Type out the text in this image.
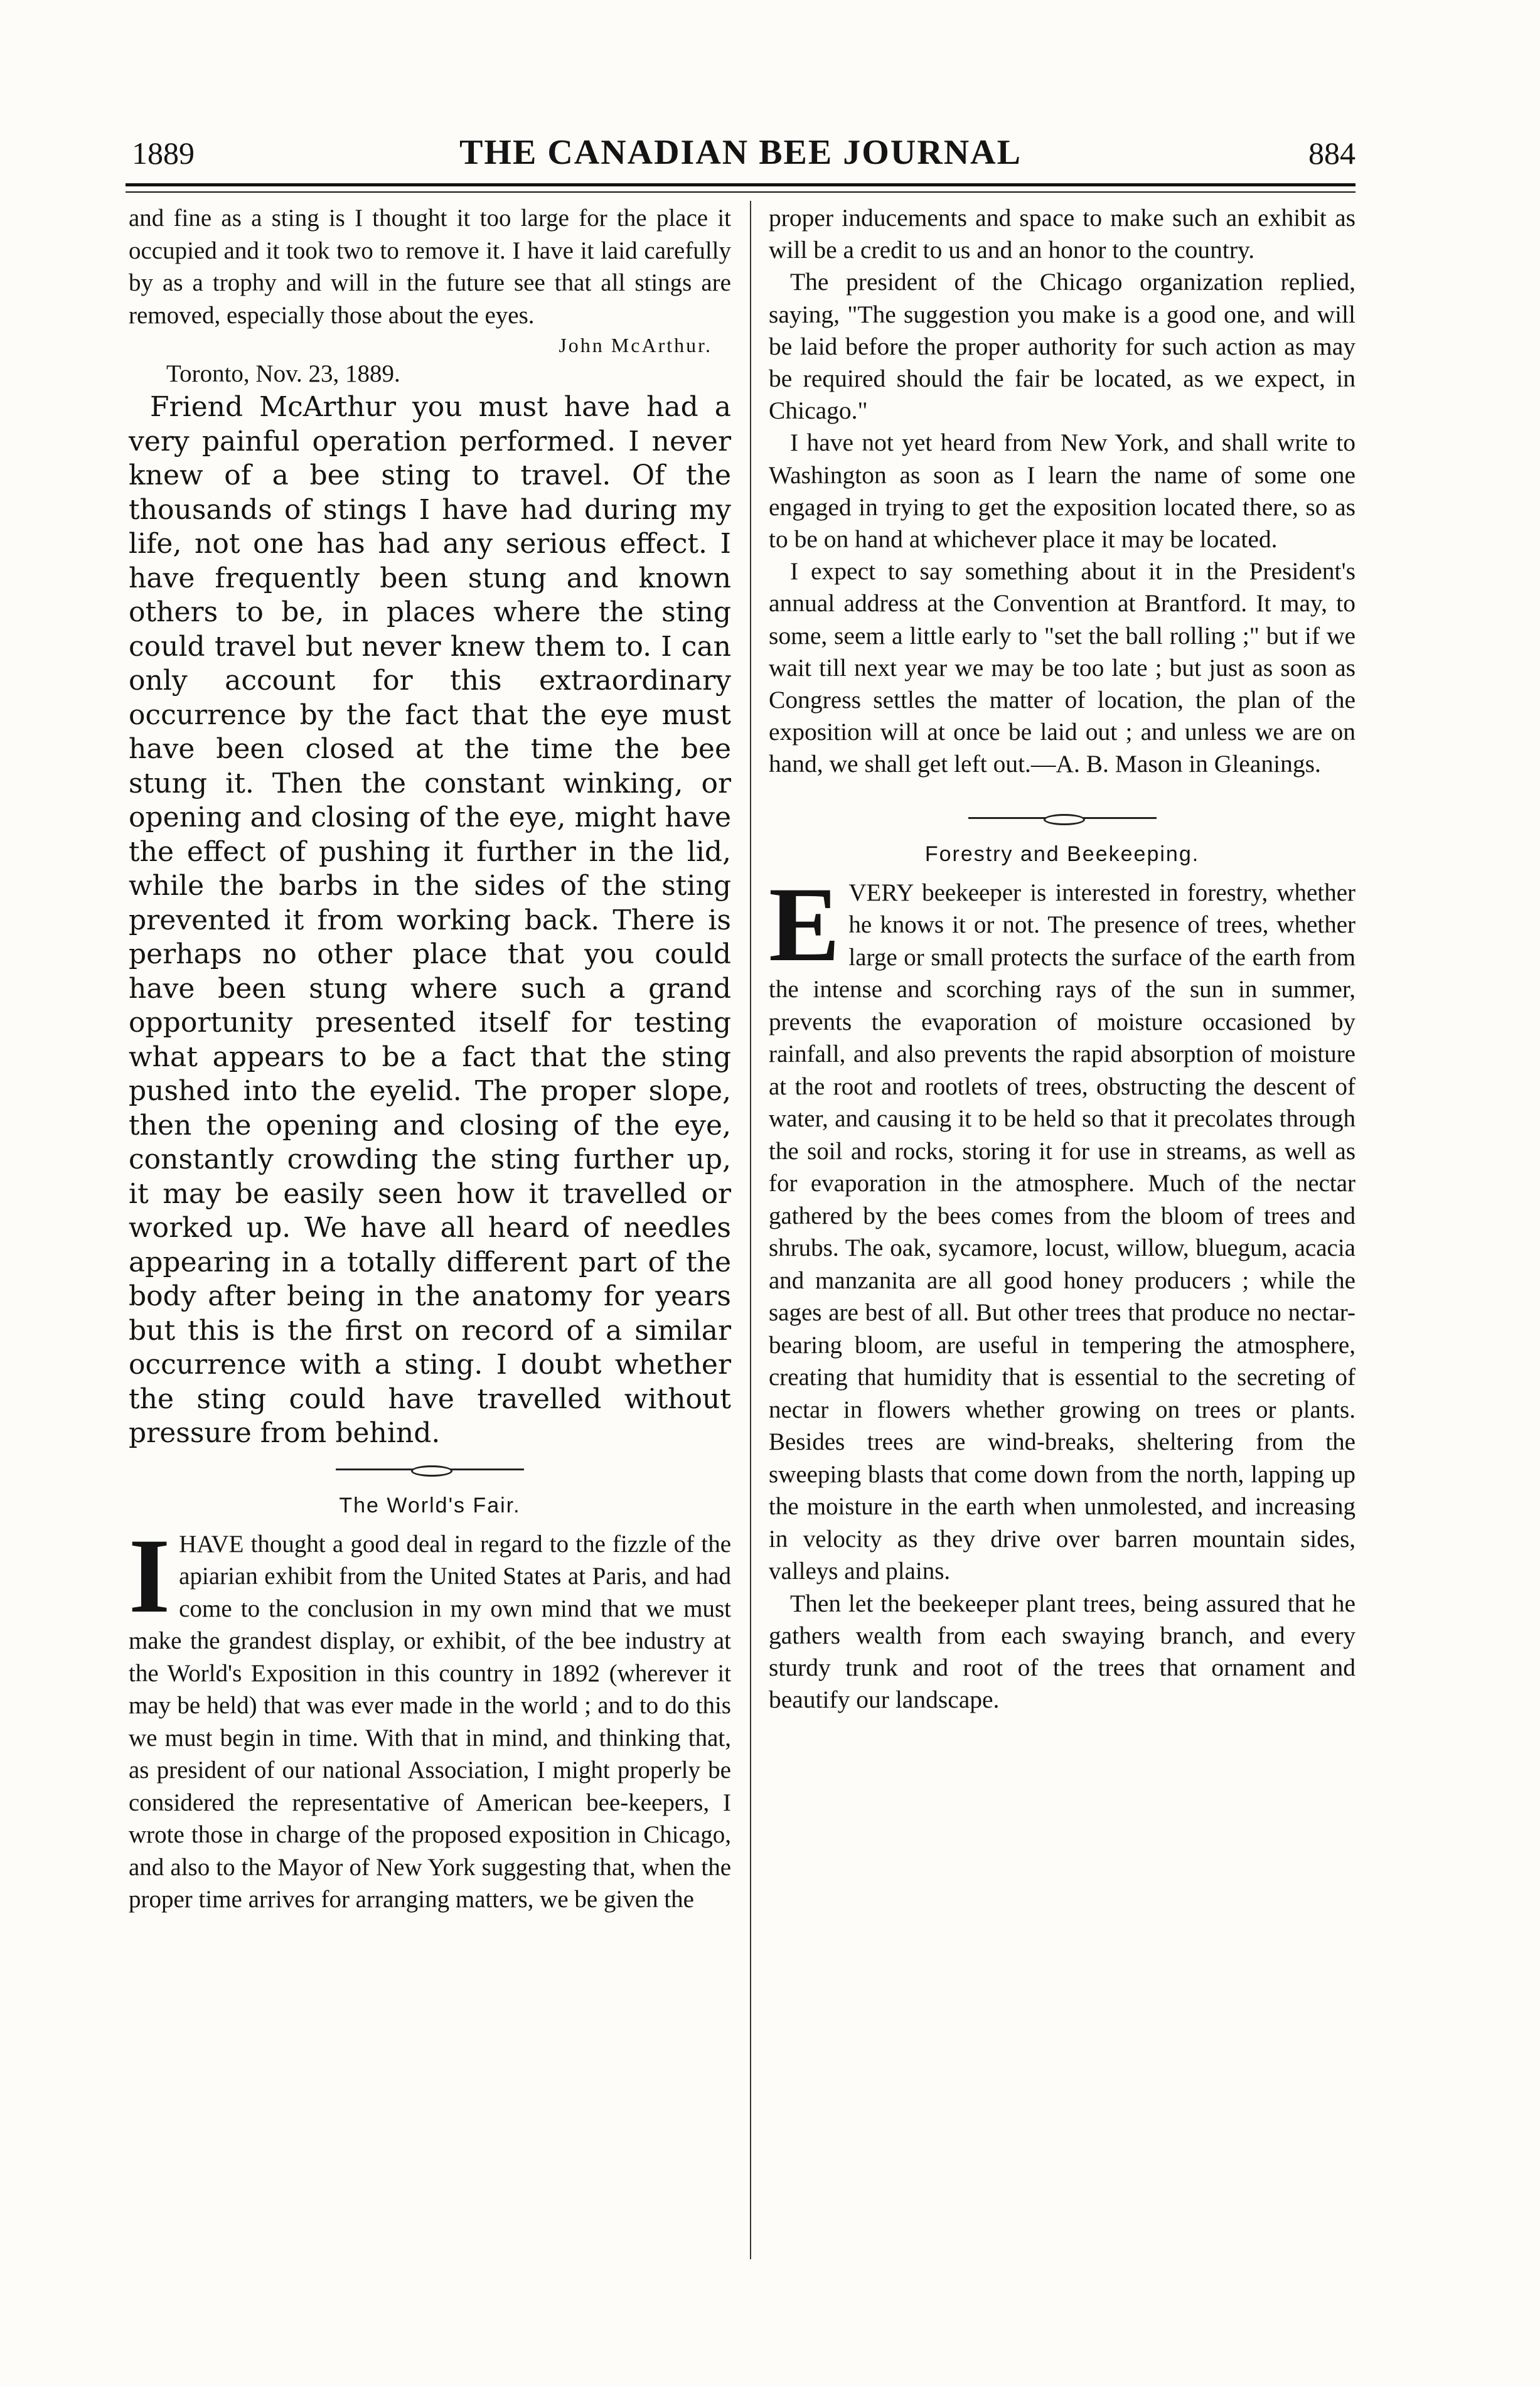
1889	THE CANADIAN BEE JOURNAL	884

and fine as a sting is I thought it too large for the place it occupied and it took two to remove it. I have it laid carefully by as a trophy and will in the future see that all stings are removed, especially those about the eyes.

John McArthur.
Toronto, Nov. 23, 1889.

Friend McArthur you must have had a very painful operation performed. I never knew of a bee sting to travel. Of the thousands of stings I have had during my life, not one has had any serious effect. I have frequently been stung and known others to be, in places where the sting could travel but never knew them to. I can only account for this extraordinary occurrence by the fact that the eye must have been closed at the time the bee stung it. Then the constant winking, or opening and closing of the eye, might have the effect of pushing it further in the lid, while the barbs in the sides of the sting prevented it from working back. There is perhaps no other place that you could have been stung where such a grand opportunity presented itself for testing what appears to be a fact that the sting pushed into the eyelid. The proper slope, then the opening and closing of the eye, constantly crowding the sting further up, it may be easily seen how it travelled or worked up. We have all heard of needles appearing in a totally different part of the body after being in the anatomy for years but this is the first on record of a similar occurrence with a sting. I doubt whether the sting could have travelled without pressure from behind.

The World's Fair.
I HAVE thought a good deal in regard to the fizzle of the apiarian exhibit from the United States at Paris, and had come to the conclusion in my own mind that we must make the grandest display, or exhibit, of the bee industry at the World's Exposition in this country in 1892 (wherever it may be held) that was ever made in the world ; and to do this we must begin in time. With that in mind, and thinking that, as president of our national Association, I might properly be considered the representative of American bee-keepers, I wrote those in charge of the proposed exposition in Chicago, and also to the Mayor of New York suggesting that, when the proper time arrives for arranging matters, we be given the

proper inducements and space to make such an exhibit as will be a credit to us and an honor to the country.

The president of the Chicago organization replied, saying, "The suggestion you make is a good one, and will be laid before the proper authority for such action as may be required should the fair be located, as we expect, in Chicago."

I have not yet heard from New York, and shall write to Washington as soon as I learn the name of some one engaged in trying to get the exposition located there, so as to be on hand at whichever place it may be located.

I expect to say something about it in the President's annual address at the Convention at Brantford. It may, to some, seem a little early to "set the ball rolling ;" but if we wait till next year we may be too late ; but just as soon as Congress settles the matter of location, the plan of the exposition will at once be laid out ; and unless we are on hand, we shall get left out.—A. B. Mason in Gleanings.

Forestry and Beekeeping.
E VERY beekeeper is interested in forestry, whether he knows it or not. The presence of trees, whether large or small protects the surface of the earth from the intense and scorching rays of the sun in summer, prevents the evaporation of moisture occasioned by rainfall, and also prevents the rapid absorption of moisture at the root and rootlets of trees, obstructing the descent of water, and causing it to be held so that it precolates through the soil and rocks, storing it for use in streams, as well as for evaporation in the atmosphere. Much of the nectar gathered by the bees comes from the bloom of trees and shrubs. The oak, sycamore, locust, willow, bluegum, acacia and manzanita are all good honey producers ; while the sages are best of all. But other trees that produce no nectar-bearing bloom, are useful in tempering the atmosphere, creating that humidity that is essential to the secreting of nectar in flowers whether growing on trees or plants. Besides trees are wind-breaks, sheltering from the sweeping blasts that come down from the north, lapping up the moisture in the earth when unmolested, and increasing in velocity as they drive over barren mountain sides, valleys and plains.

Then let the beekeeper plant trees, being assured that he gathers wealth from each swaying branch, and every sturdy trunk and root of the trees that ornament and beautify our landscape.
